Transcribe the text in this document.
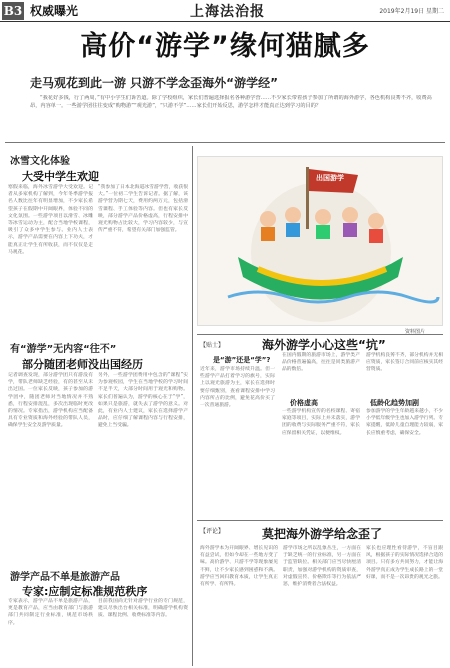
B3 权威曝光	上海法治报	2019年2月19日 星期二
高价“游学”缘何猫腻多
走马观花到此一游 只游不学念歪海外“游学经”
“我花好多钱，行了两周，”有中小学生们诉苦道。除了学校组织，家长们普遍选择报名各种游学营……不少家长带着孩子参加了所谓的海外游学，各色机构良莠不齐，收费高昂，内容单一。一些游学团往往变成“购物游”“观光游”，“只游不学”……家长们开始反思，游学怎样才能真正达到学习的目的？
冰雪文化体验
大受中学生欢迎
寒假来临，海外冰雪游学大受欢迎。记者从多家机构了解到，今年冬季游学报名人数比往年有明显增加，不少家长希望孩子在假期中开阔眼界，体验不同的文化氛围。一些游学项目以滑雪、冰雕等冰雪运动为主，配合当地学校课程，吸引了众多中学生参与。业内人士表示，游学产品需要在内容上下功夫，才能真正让学生有所收获，而不仅仅是走马观花。
“我参加了日本北海道冰雪游学营，收获很大。”一位初二学生告诉记者。据了解，该游学营为期七天，费用约两万元，包括滑雪课程、手工体验等内容。但也有家长反映，部分游学产品价格虚高，行程安排中观光购物占比较大，学习内容较少，与宣传严重不符，希望有关部门加强监管。
有“游学”无内容“往不”
部分随团老师没出国经历
记者调查发现，部分游学团只有游没有学，带队老师缺乏经验，有的甚至从未出过国。一位家长反映，孩子参加的游学团中，随团老师对当地情况并不熟悉，行程安排混乱，多次出现临时更改的情况。专家指出，游学机构应当配备具有专业资质和海外经验的带队人员，确保学生安全及游学质量。
另外，一些游学团费用中包含的“课程”实为参观校园，学生在当地学校的学习时间不足半天，大部分时间用于观光和购物。家长们普遍认为，游学的核心在于“学”，如果只是旅游，就失去了游学的意义。对此，有业内人士建议，家长在选择游学产品时，应仔细了解课程内容与行程安排，避免上当受骗。
游学产品不单是旅游产品
专家:应制定标准规范秩序
专家表示，游学产品不单是旅游产品，更是教育产品，应当由教育部门与旅游部门共同制定行业标准，规范市场秩序。
目前我国尚无针对游学行业的专门规范，建议尽快出台相关标准，明确游学机构资质、课程比例、收费标准等内容。
出国游学
资料图片
【贴士】	海外游学小心这些“坑”
是“游”还是“学”?
价格虚高	低龄化趋势加剧
近年来，游学市场持续升温。但一些游学产品打着学习的旗号，实际上以观光旅游为主，家长在选择时要仔细甄别，查看课程安排中学习内容所占的比例，避免花高价买了一次普通旅游。
在国内假期的旅游市场上，游学类产品价格普遍偏高，往往是同类旅游产品的数倍。
一些游学机构宣传的名校课程、寄宿家庭等项目，实际上并未落实，游学团的收费与实际服务严重不符，家长应保留相关凭证，以便维权。
游学机构良莠不齐，部分机构并无相应资质，家长签订合同前应核实其经营资质。
参加游学的学生年龄越来越小，不少小学低年级学生也加入游学行列。专家提醒，低龄儿童自理能力较弱，家长应慎重考虑，确保安全。
【评论】	莫把海外游学给念歪了
海外游学本为开阔眼界、增长见识的有益尝试，但如今却在一些地方变了味。高价游学、只游不学等现象屡见不鲜，让不少家长感到困惑和不满。游学应当回归教育本质，让学生真正有所学、有所得。
游学市场之所以乱象丛生，一方面在于缺乏统一的行业标准，另一方面在于监管缺位。相关部门应当尽快厘清职责，加强对游学机构的资质审查，对虚假宣传、价格欺诈等行为依法严惩，维护消费者合法权益。
家长也应理性看待游学，不盲目跟风，根据孩子的实际情况选择合适的项目。只有多方共同努力，才能让海外游学真正成为学生成长路上的一堂好课，而不是一次昂贵的观光之旅。
